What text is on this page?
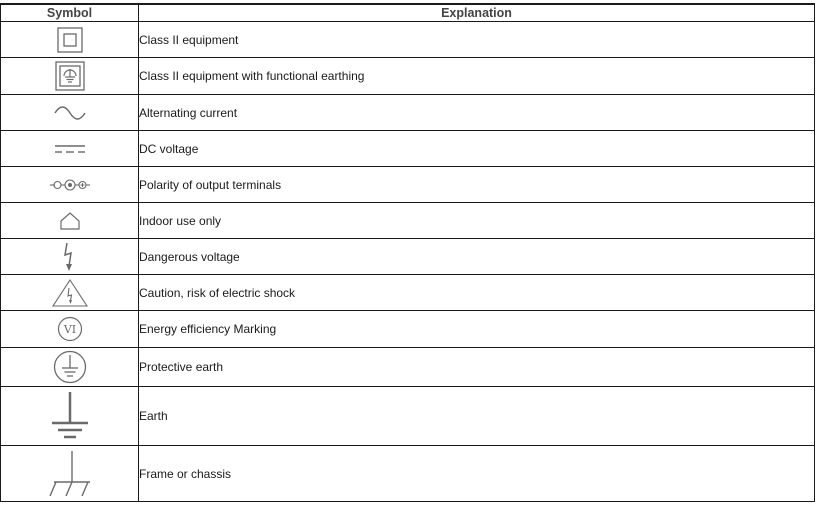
Symbol	Explanation

	Class II equipment

	Class II equipment with functional earthing

	Alternating current

	DC voltage

	Polarity of output terminals

	Indoor use only

	Dangerous voltage

	Caution, risk of electric shock

VI	Energy efficiency Marking

	Protective earth

	Earth

	Frame or chassis
